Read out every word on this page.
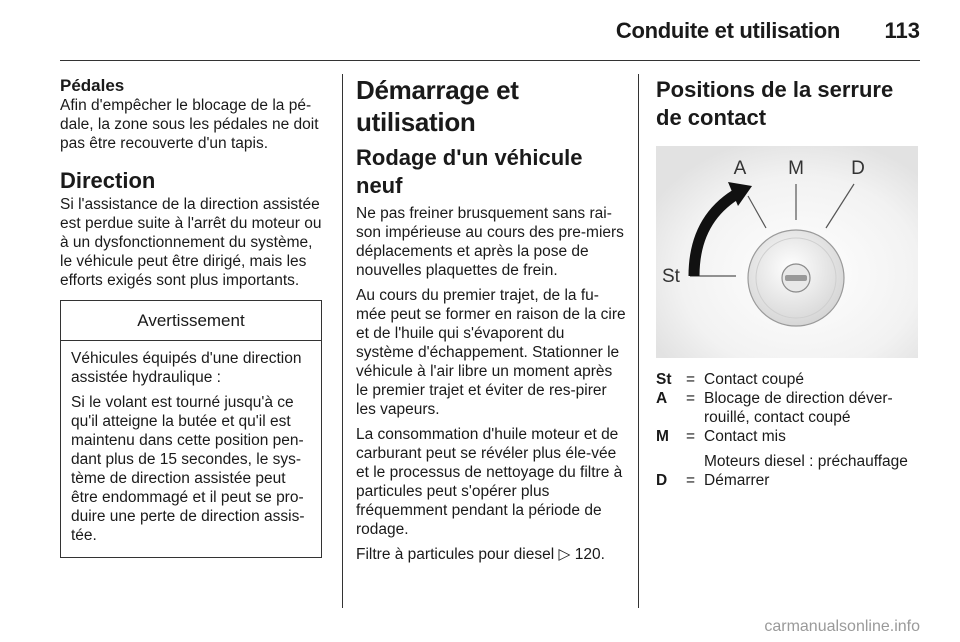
Conduite et utilisation 113
Pédales

Afin d'empêcher le blocage de la pé-dale, la zone sous les pédales ne doit pas être recouverte d'un tapis.

Direction

Si l'assistance de la direction assistée est perdue suite à l'arrêt du moteur ou à un dysfonctionnement du système, le véhicule peut être dirigé, mais les efforts exigés sont plus importants.

Avertissement

Véhicules équipés d'une direction assistée hydraulique :

Si le volant est tourné jusqu'à ce qu'il atteigne la butée et qu'il est maintenu dans cette position pen-dant plus de 15 secondes, le sys-tème de direction assistée peut être endommagé et il peut se pro-duire une perte de direction assis-tée.

Démarrage et utilisation
Rodage d'un véhicule neuf

Ne pas freiner brusquement sans rai-son impérieuse au cours des pre-miers déplacements et après la pose de nouvelles plaquettes de frein.

Au cours du premier trajet, de la fu-mée peut se former en raison de la cire et de l'huile qui s'évaporent du système d'échappement. Stationner le véhicule à l'air libre un moment après le premier trajet et éviter de res-pirer les vapeurs.

La consommation d'huile moteur et de carburant peut se révéler plus éle-vée et le processus de nettoyage du filtre à particules peut s'opérer plus fréquemment pendant la période de rodage.

Filtre à particules pour diesel ▷ 120.

Positions de la serrure de contact
A M D
St
St = Contact coupé
A	= Blocage de direction déver-rouillé, contact coupé
M	= Contact mis
Moteurs diesel : préchauffage
D	= Démarrer
carmanualsonline.info
